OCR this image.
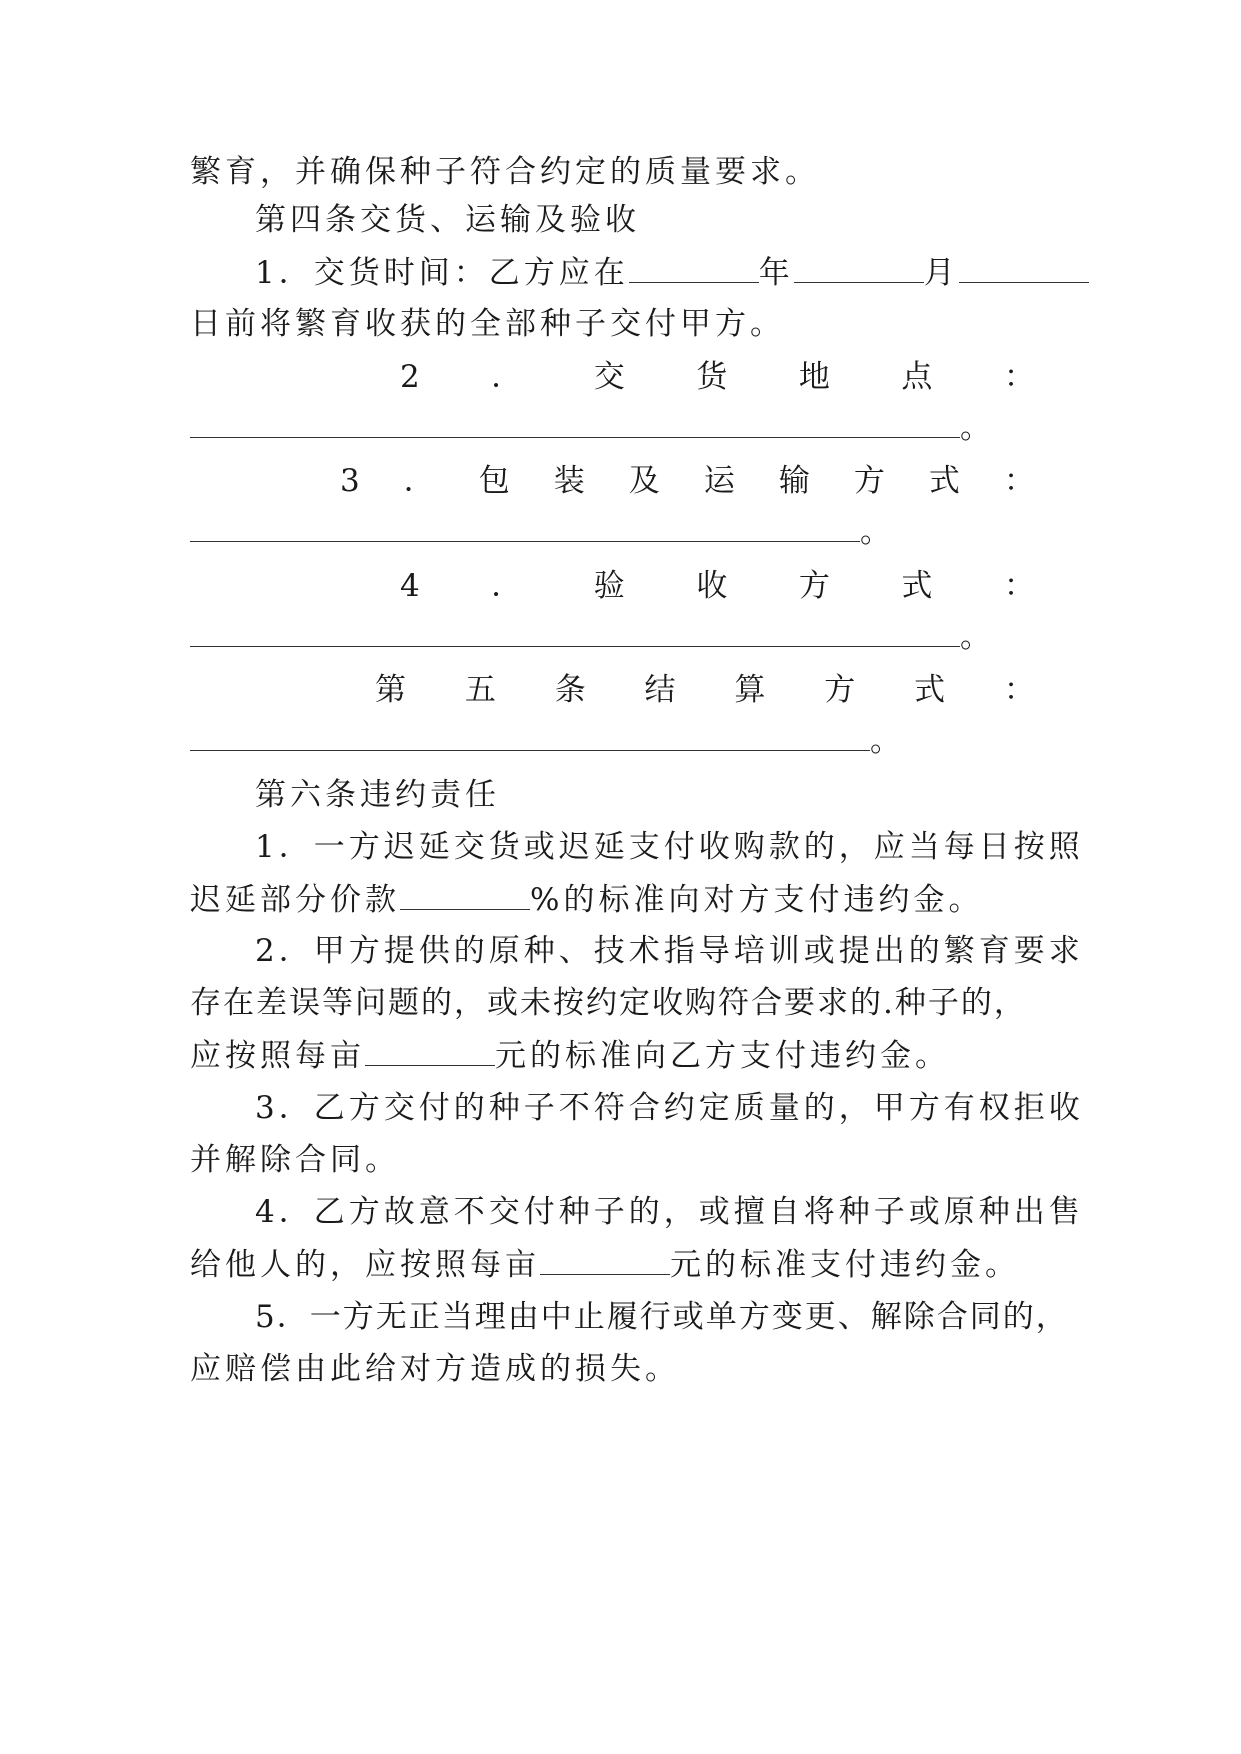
繁育，并确保种子符合约定的质量要求。
第四条交货、运输及验收
1．交货时间：乙方应在	年	月
日前将繁育收获的全部种子交付甲方。
2 ． 交 货 地 点 ：
。
3 ． 包 装 及 运 输 方 式 ：
。
4 ． 验 收 方 式 ：
。
第 五 条 结 算 方 式 ：
。
第六条违约责任
1．一方迟延交货或迟延支付收购款的，应当每日按照
迟延部分价款	%的标准向对方支付违约金。
2．甲方提供的原种、技术指导培训或提出的繁育要求
存在差误等问题的，或未按约定收购符合要求的.种子的，
应按照每亩	元的标准向乙方支付违约金。
3．乙方交付的种子不符合约定质量的，甲方有权拒收
并解除合同。
4．乙方故意不交付种子的，或擅自将种子或原种出售
给他人的，应按照每亩	元的标准支付违约金。
5．一方无正当理由中止履行或单方变更、解除合同的，
应赔偿由此给对方造成的损失。
